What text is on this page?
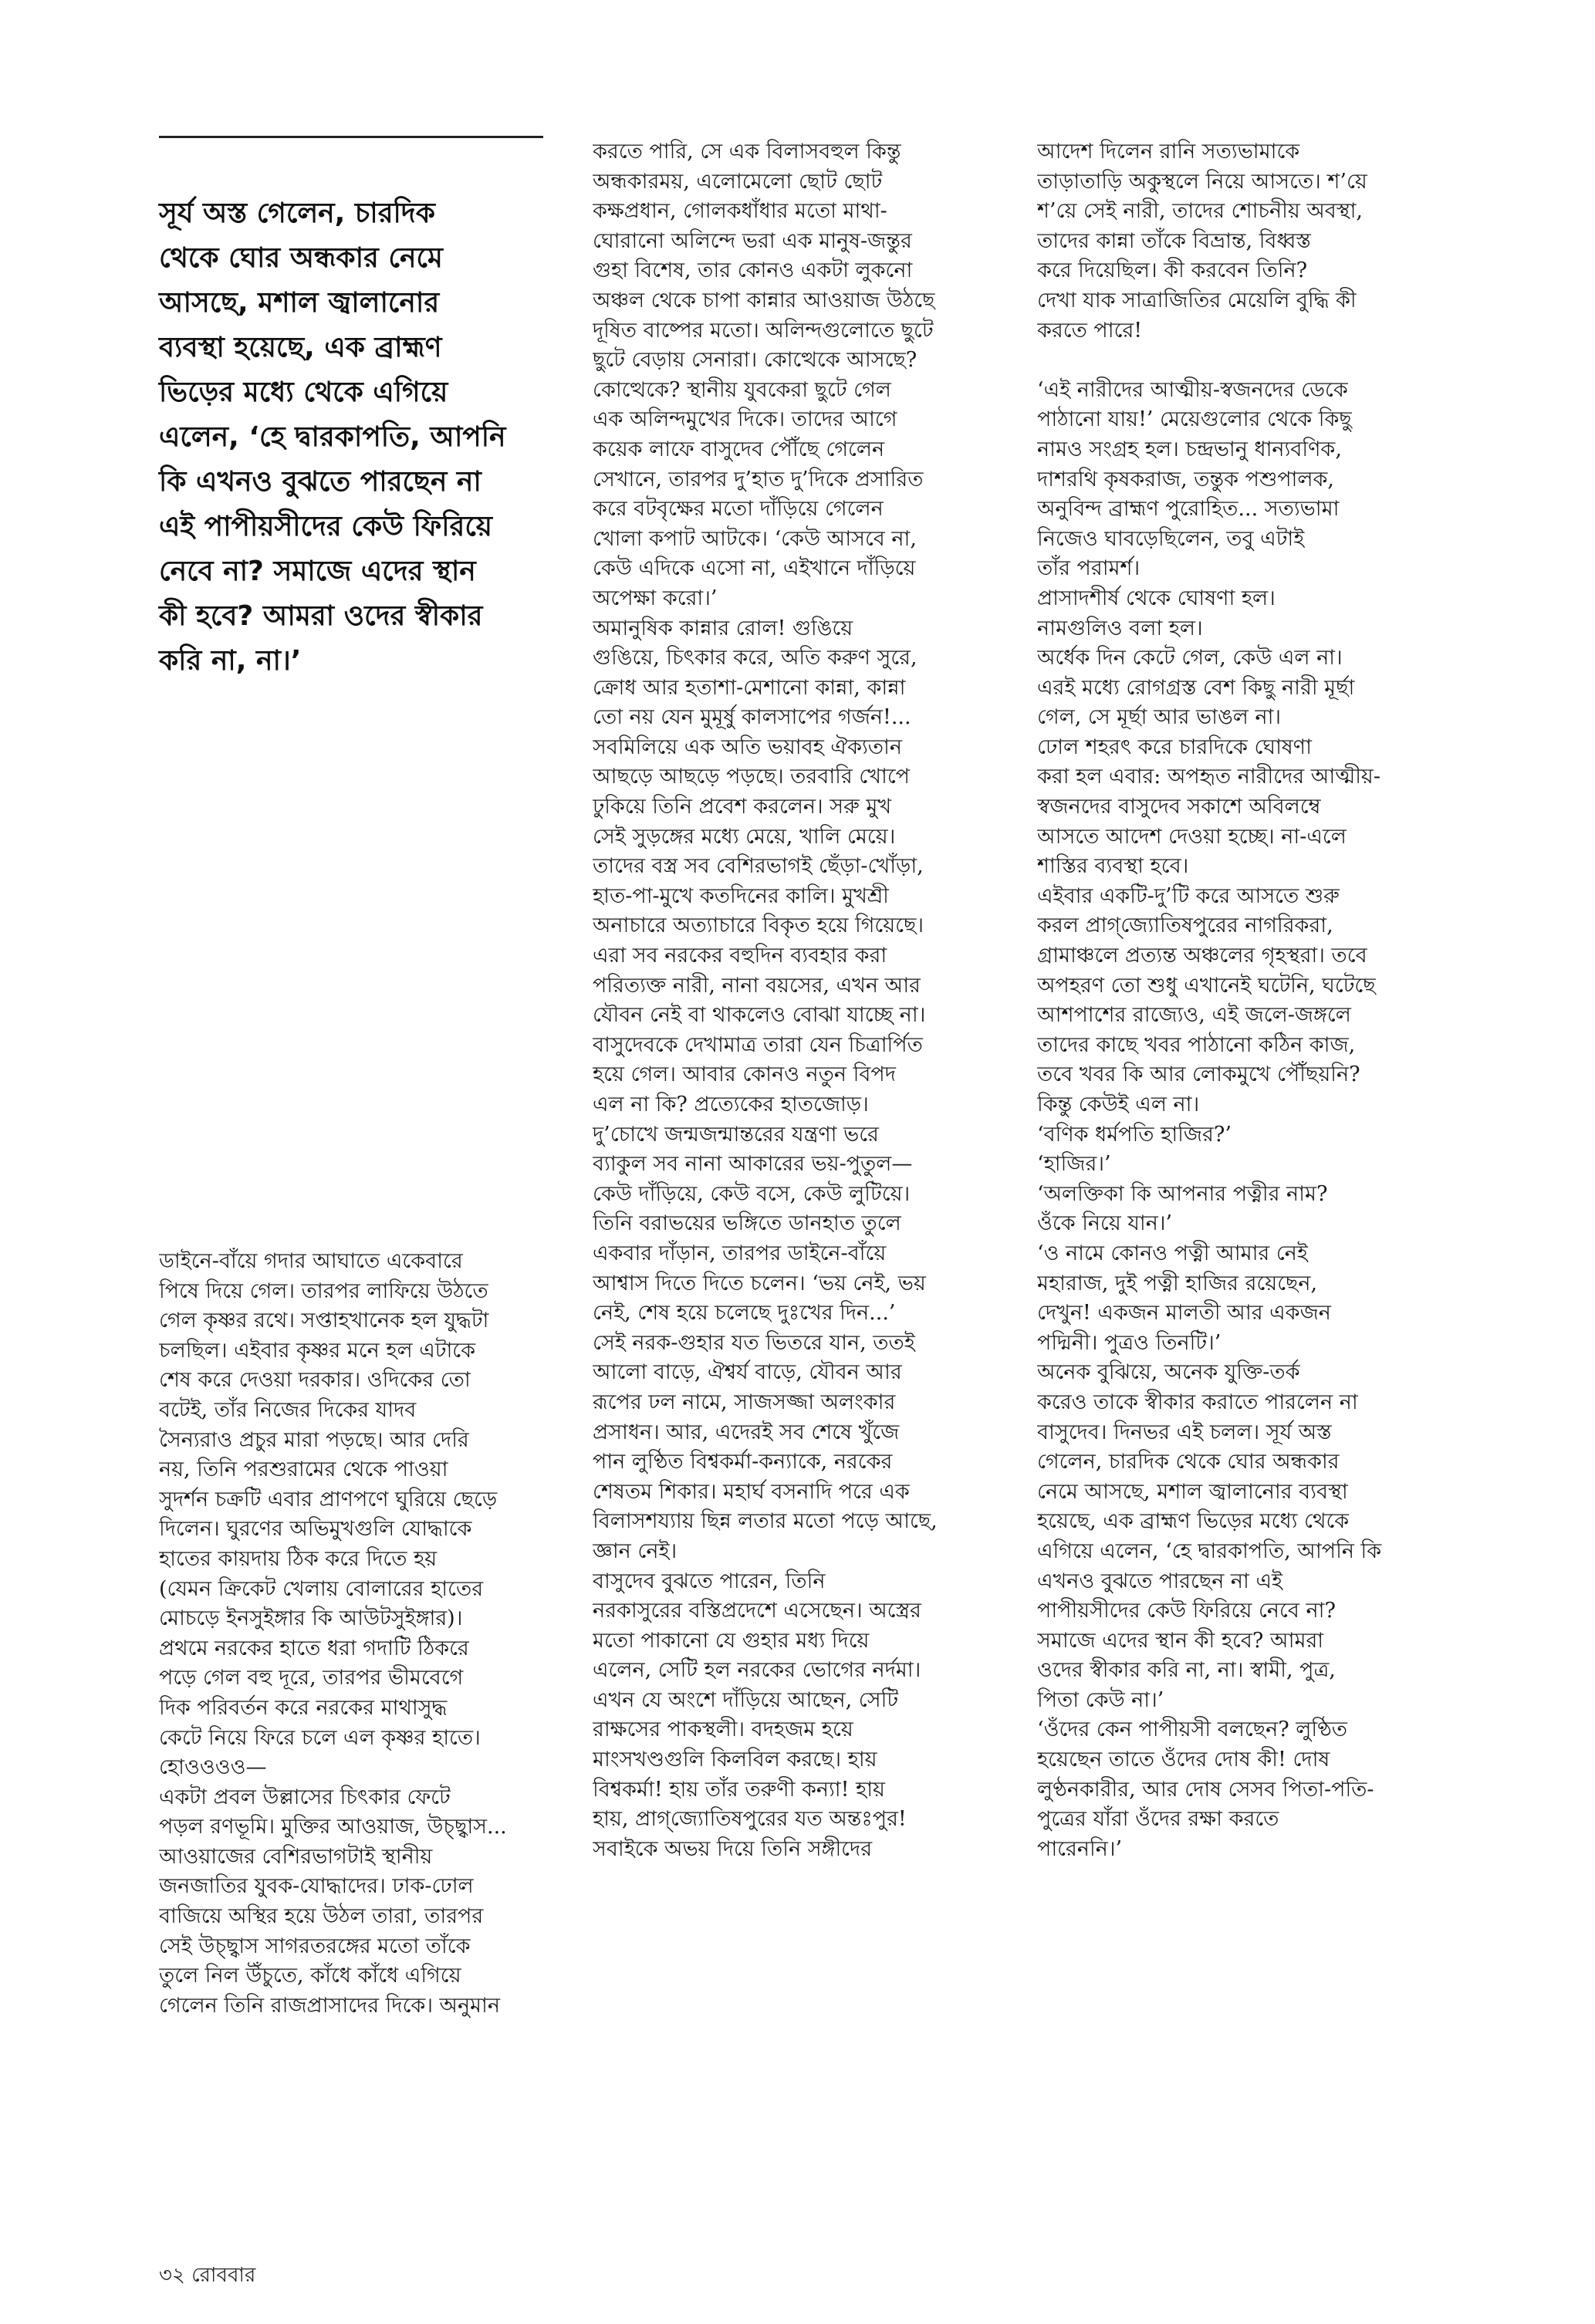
সূর্য অস্ত গেলেন, চারদিক
থেকে ঘোর অন্ধকার নেমে
আসছে, মশাল জ্বালানোর
ব্যবস্থা হয়েছে, এক ব্রাহ্মণ
ভিড়ের মধ্যে থেকে এগিয়ে
এলেন, ‘হে দ্বারকাপতি, আপনি
কি এখনও বুঝতে পারছেন না
এই পাপীয়সীদের কেউ ফিরিয়ে
নেবে না? সমাজে এদের স্থান
কী হবে? আমরা ওদের স্বীকার
করি না, না।’
ডাইনে-বাঁয়ে গদার আঘাতে একেবারে
পিষে দিয়ে গেল। তারপর লাফিয়ে উঠতে
গেল কৃষ্ণর রথে। সপ্তাহখানেক হল যুদ্ধটা
চলছিল। এইবার কৃষ্ণর মনে হল এটাকে
শেষ করে দেওয়া দরকার। ওদিকের তো
বটেই, তাঁর নিজের দিকের যাদব
সৈন্যরাও প্রচুর মারা পড়ছে। আর দেরি
নয়, তিনি পরশুরামের থেকে পাওয়া
সুদর্শন চক্রটি এবার প্রাণপণে ঘুরিয়ে ছেড়ে
দিলেন। ঘুরণের অভিমুখগুলি যোদ্ধাকে
হাতের কায়দায় ঠিক করে দিতে হয়
(যেমন ক্রিকেট খেলায় বোলারের হাতের
মোচড়ে ইনসুইঙ্গার কি আউটসুইঙ্গার)।
প্রথমে নরকের হাতে ধরা গদাটি ঠিকরে
পড়ে গেল বহু দূরে, তারপর ভীমবেগে
দিক পরিবর্তন করে নরকের মাথাসুদ্ধ
কেটে নিয়ে ফিরে চলে এল কৃষ্ণর হাতে।
হোওওওও—
একটা প্রবল উল্লাসের চিৎকার ফেটে
পড়ল রণভূমি। মুক্তির আওয়াজ, উচ্ছ্বাস...
আওয়াজের বেশিরভাগটাই স্থানীয়
জনজাতির যুবক-যোদ্ধাদের। ঢাক-ঢোল
বাজিয়ে অস্থির হয়ে উঠল তারা, তারপর
সেই উচ্ছ্বাস সাগরতরঙ্গের মতো তাঁকে
তুলে নিল উঁচুতে, কাঁধে কাঁধে এগিয়ে
গেলেন তিনি রাজপ্রাসাদের দিকে। অনুমান
করতে পারি, সে এক বিলাসবহুল কিন্তু
অন্ধকারময়, এলোমেলো ছোট ছোট
কক্ষপ্রধান, গোলকধাঁধার মতো মাথা-
ঘোরানো অলিন্দে ভরা এক মানুষ-জন্তুর
গুহা বিশেষ, তার কোনও একটা লুকনো
অঞ্চল থেকে চাপা কান্নার আওয়াজ উঠছে
দূষিত বাষ্পের মতো। অলিন্দগুলোতে ছুটে
ছুটে বেড়ায় সেনারা। কোত্থেকে আসছে?
কোত্থেকে? স্থানীয় যুবকেরা ছুটে গেল
এক অলিন্দমুখের দিকে। তাদের আগে
কয়েক লাফে বাসুদেব পৌঁছে গেলেন
সেখানে, তারপর দু’হাত দু’দিকে প্রসারিত
করে বটবৃক্ষের মতো দাঁড়িয়ে গেলেন
খোলা কপাট আটকে। ‘কেউ আসবে না,
কেউ এদিকে এসো না, এইখানে দাঁড়িয়ে
অপেক্ষা করো।’
অমানুষিক কান্নার রোল! গুঙিয়ে
গুঙিয়ে, চিৎকার করে, অতি করুণ সুরে,
ক্রোধ আর হতাশা-মেশানো কান্না, কান্না
তো নয় যেন মুমূর্ষু কালসাপের গর্জন!...
সবমিলিয়ে এক অতি ভয়াবহ ঐক্যতান
আছড়ে আছড়ে পড়ছে। তরবারি খোপে
ঢুকিয়ে তিনি প্রবেশ করলেন। সরু মুখ
সেই সুড়ঙ্গের মধ্যে মেয়ে, খালি মেয়ে।
তাদের বস্ত্র সব বেশিরভাগই ছেঁড়া-খোঁড়া,
হাত-পা-মুখে কতদিনের কালি। মুখশ্রী
অনাচারে অত্যাচারে বিকৃত হয়ে গিয়েছে।
এরা সব নরকের বহুদিন ব্যবহার করা
পরিত্যক্ত নারী, নানা বয়সের, এখন আর
যৌবন নেই বা থাকলেও বোঝা যাচ্ছে না।
বাসুদেবকে দেখামাত্র তারা যেন চিত্রার্পিত
হয়ে গেল। আবার কোনও নতুন বিপদ
এল না কি? প্রত্যেকের হাতজোড়।
দু’চোখে জন্মজন্মান্তরের যন্ত্রণা ভরে
ব্যাকুল সব নানা আকারের ভয়-পুতুল—
কেউ দাঁড়িয়ে, কেউ বসে, কেউ লুটিয়ে।
তিনি বরাভয়ের ভঙ্গিতে ডানহাত তুলে
একবার দাঁড়ান, তারপর ডাইনে-বাঁয়ে
আশ্বাস দিতে দিতে চলেন। ‘ভয় নেই, ভয়
নেই, শেষ হয়ে চলেছে দুঃখের দিন...’
সেই নরক-গুহার যত ভিতরে যান, ততই
আলো বাড়ে, ঐশ্বর্য বাড়ে, যৌবন আর
রূপের ঢল নামে, সাজসজ্জা অলংকার
প্রসাধন। আর, এদেরই সব শেষে খুঁজে
পান লুণ্ঠিত বিশ্বকর্মা-কন্যাকে, নরকের
শেষতম শিকার। মহার্ঘ বসনাদি পরে এক
বিলাসশয্যায় ছিন্ন লতার মতো পড়ে আছে,
জ্ঞান নেই।
বাসুদেব বুঝতে পারেন, তিনি
নরকাসুরের বস্তিপ্রদেশে এসেছেন। অস্ত্রের
মতো পাকানো যে গুহার মধ্য দিয়ে
এলেন, সেটি হল নরকের ভোগের নর্দমা।
এখন যে অংশে দাঁড়িয়ে আছেন, সেটি
রাক্ষসের পাকস্থলী। বদহজম হয়ে
মাংসখণ্ডগুলি কিলবিল করছে। হায়
বিশ্বকর্মা! হায় তাঁর তরুণী কন্যা! হায়
হায়, প্রাগ্‌জ্যোতিষপুরের যত অন্তঃপুর!
সবাইকে অভয় দিয়ে তিনি সঙ্গীদের
আদেশ দিলেন রানি সত্যভামাকে
তাড়াতাড়ি অকুস্থলে নিয়ে আসতে। শ’য়ে
শ’য়ে সেই নারী, তাদের শোচনীয় অবস্থা,
তাদের কান্না তাঁকে বিভ্রান্ত, বিধ্বস্ত
করে দিয়েছিল। কী করবেন তিনি?
দেখা যাক সাত্রাজিতির মেয়েলি বুদ্ধি কী
করতে পারে!

‘এই নারীদের আত্মীয়-স্বজনদের ডেকে
পাঠানো যায়!’ মেয়েগুলোর থেকে কিছু
নামও সংগ্রহ হল। চন্দ্রভানু ধান্যবণিক,
দাশরথি কৃষকরাজ, তন্তুক পশুপালক,
অনুবিন্দ ব্রাহ্মণ পুরোহিত... সত্যভামা
নিজেও ঘাবড়েছিলেন, তবু এটাই
তাঁর পরামর্শ।
প্রাসাদশীর্ষ থেকে ঘোষণা হল।
নামগুলিও বলা হল।
অর্ধেক দিন কেটে গেল, কেউ এল না।
এরই মধ্যে রোগগ্রস্ত বেশ কিছু নারী মূর্ছা
গেল, সে মূর্ছা আর ভাঙল না।
ঢোল শহরৎ করে চারদিকে ঘোষণা
করা হল এবার: অপহৃত নারীদের আত্মীয়-
স্বজনদের বাসুদেব সকাশে অবিলম্বে
আসতে আদেশ দেওয়া হচ্ছে। না-এলে
শাস্তির ব্যবস্থা হবে।
এইবার একটি-দু’টি করে আসতে শুরু
করল প্রাগ্‌জ্যোতিষপুরের নাগরিকরা,
গ্রামাঞ্চলে প্রত্যন্ত অঞ্চলের গৃহস্থরা। তবে
অপহরণ তো শুধু এখানেই ঘটেনি, ঘটেছে
আশপাশের রাজ্যেও, এই জলে-জঙ্গলে
তাদের কাছে খবর পাঠানো কঠিন কাজ,
তবে খবর কি আর লোকমুখে পৌঁছয়নি?
কিন্তু কেউই এল না।
‘বণিক ধর্মপতি হাজির?’
‘হাজির।’
‘অলক্তিকা কি আপনার পত্নীর নাম?
ওঁকে নিয়ে যান।’
‘ও নামে কোনও পত্নী আমার নেই
মহারাজ, দুই পত্নী হাজির রয়েছেন,
দেখুন! একজন মালতী আর একজন
পদ্মিনী। পুত্রও তিনটি।’
অনেক বুঝিয়ে, অনেক যুক্তি-তর্ক
করেও তাকে স্বীকার করাতে পারলেন না
বাসুদেব। দিনভর এই চলল। সূর্য অস্ত
গেলেন, চারদিক থেকে ঘোর অন্ধকার
নেমে আসছে, মশাল জ্বালানোর ব্যবস্থা
হয়েছে, এক ব্রাহ্মণ ভিড়ের মধ্যে থেকে
এগিয়ে এলেন, ‘হে দ্বারকাপতি, আপনি কি
এখনও বুঝতে পারছেন না এই
পাপীয়সীদের কেউ ফিরিয়ে নেবে না?
সমাজে এদের স্থান কী হবে? আমরা
ওদের স্বীকার করি না, না। স্বামী, পুত্র,
পিতা কেউ না।’
‘ওঁদের কেন পাপীয়সী বলছেন? লুণ্ঠিত
হয়েছেন তাতে ওঁদের দোষ কী! দোষ
লুণ্ঠনকারীর, আর দোষ সেসব পিতা-পতি-
পুত্রের যাঁরা ওঁদের রক্ষা করতে
পারেননি।’
৩২ রোববার
